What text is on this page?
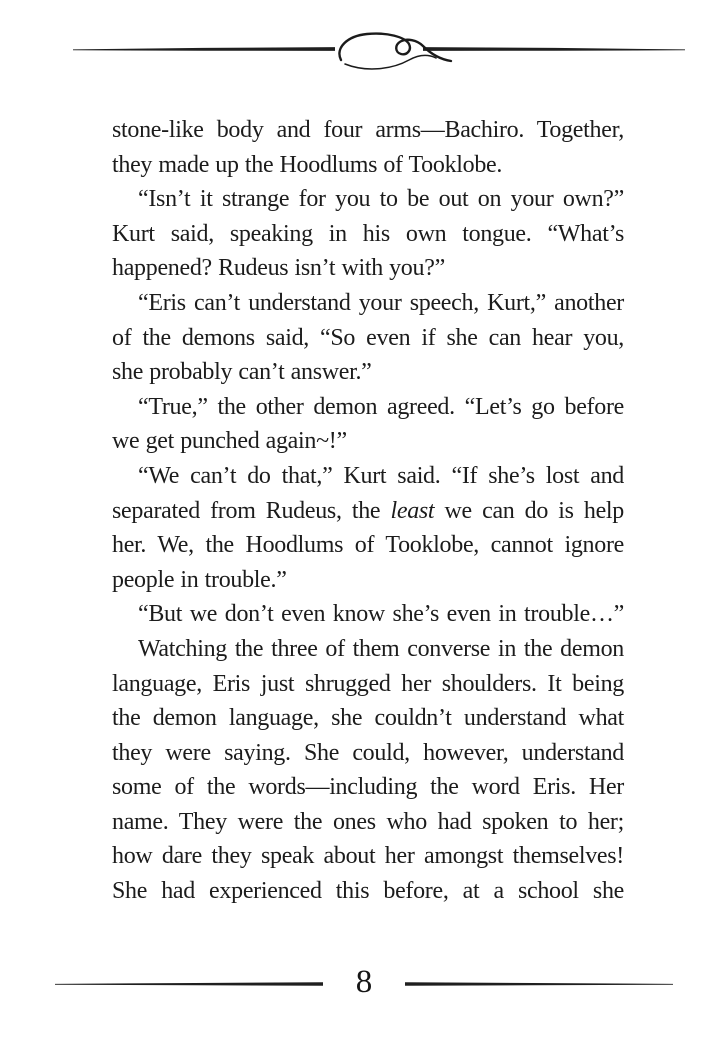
stone-like body and four arms—Bachiro. Together,
they made up the Hoodlums of Tooklobe.
“Isn’t it strange for you to be out on your own?”
Kurt said, speaking in his own tongue. “What’s
happened? Rudeus isn’t with you?”
“Eris can’t understand your speech, Kurt,” another
of the demons said, “So even if she can hear you,
she probably can’t answer.”
“True,” the other demon agreed. “Let’s go before
we get punched again~!”
“We can’t do that,” Kurt said. “If she’s lost and
separated from Rudeus, the least we can do is help
her. We, the Hoodlums of Tooklobe, cannot ignore
people in trouble.”
“But we don’t even know she’s even in trouble…”
Watching the three of them converse in the demon
language, Eris just shrugged her shoulders. It being
the demon language, she couldn’t understand what
they were saying. She could, however, understand
some of the words—including the word Eris. Her
name. They were the ones who had spoken to her;
how dare they speak about her amongst themselves!
She had experienced this before, at a school she
8
